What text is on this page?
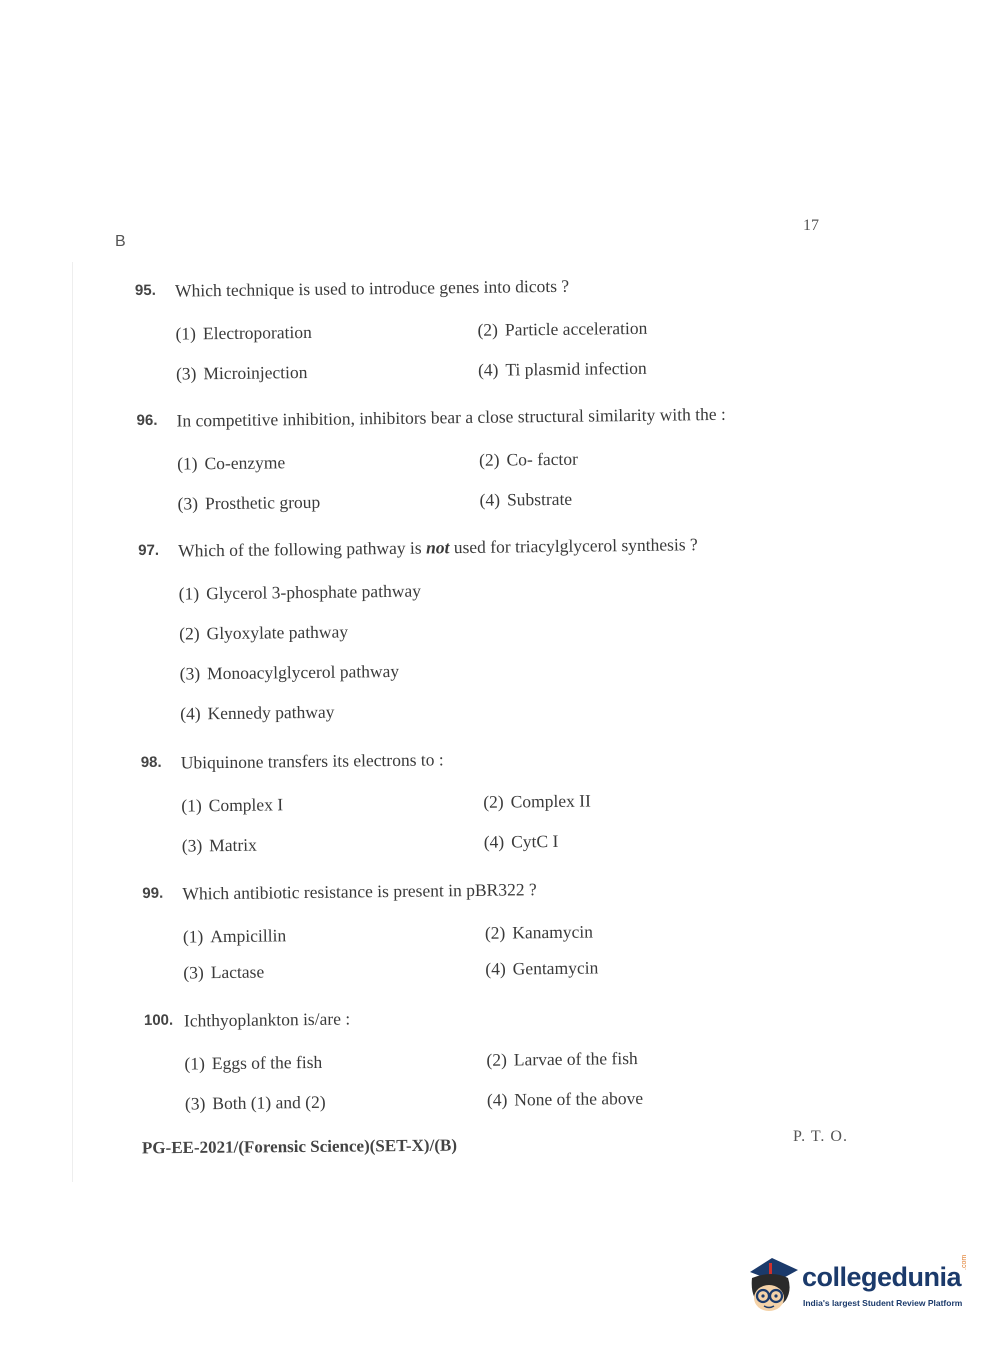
B
17
95. Which technique is used to introduce genes into dicots ?
(1) Electroporation	(2) Particle acceleration
(3) Microinjection	(4) Ti plasmid infection
96. In competitive inhibition, inhibitors bear a close structural similarity with the :
(1) Co-enzyme	(2) Co- factor
(3) Prosthetic group	(4) Substrate
97. Which of the following pathway is not used for triacylglycerol synthesis ?
(1) Glycerol 3-phosphate pathway
(2) Glyoxylate pathway
(3) Monoacylglycerol pathway
(4) Kennedy pathway
98. Ubiquinone transfers its electrons to :
(1) Complex I	(2) Complex II
(3) Matrix	(4) CytC I
99. Which antibiotic resistance is present in pBR322 ?
(1) Ampicillin	(2) Kanamycin
(3) Lactase	(4) Gentamycin
100. Ichthyoplankton is/are :
(1) Eggs of the fish	(2) Larvae of the fish
(3) Both (1) and (2)	(4) None of the above
PG-EE-2021/(Forensic Science)(SET-X)/(B)	P. T. O.
collegedunia .com
India's largest Student Review Platform
